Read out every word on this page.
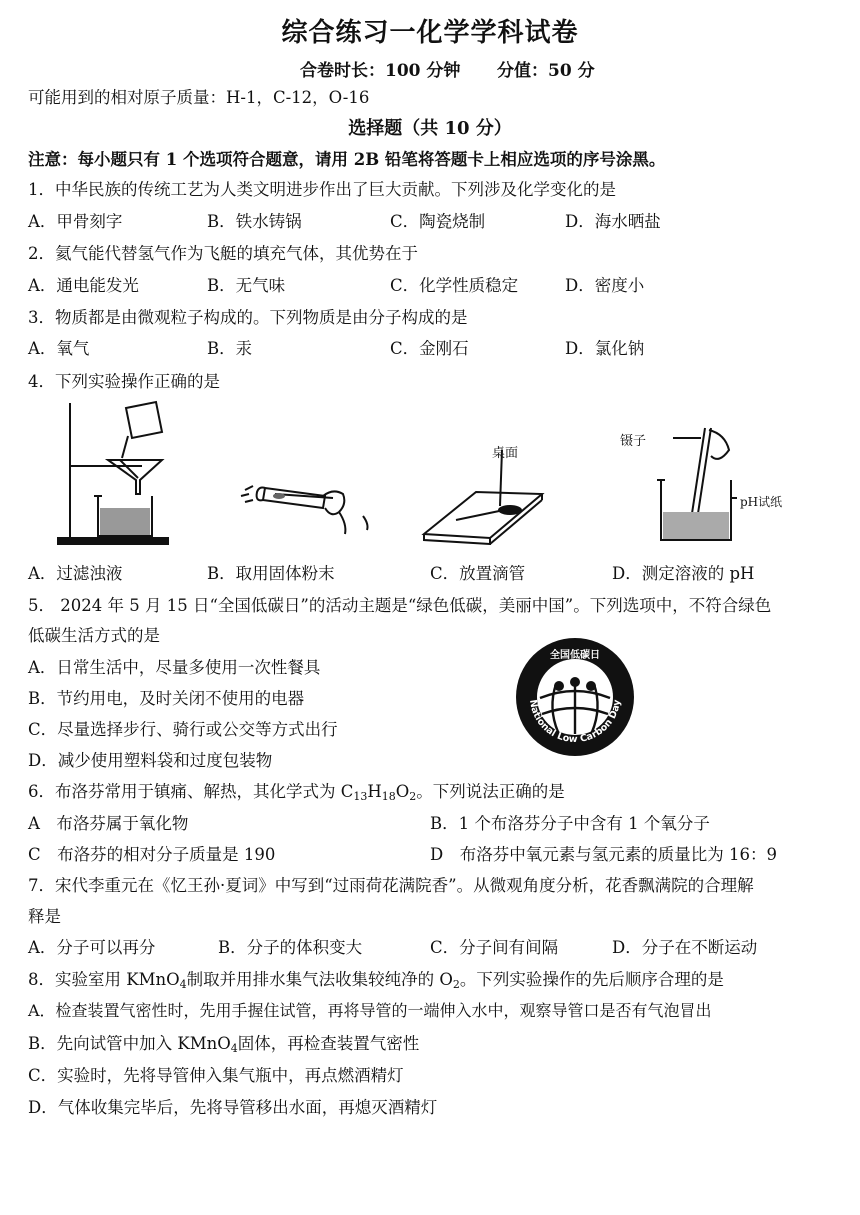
综合练习一化学学科试卷
合卷时长：100 分钟 分值：50 分
可能用到的相对原子质量：H-1，C-12，O-16
选择题（共 10 分）
注意：每小题只有 1 个选项符合题意，请用 2B 铅笔将答题卡上相应选项的序号涂黑。
1．中华民族的传统工艺为人类文明进步作出了巨大贡献。下列涉及化学变化的是
A．甲骨刻字	B．铁水铸锅	C．陶瓷烧制	D．海水晒盐
2．氦气能代替氢气作为飞艇的填充气体，其优势在于
A．通电能发光	B．无气味	C．化学性质稳定	D．密度小
3．物质都是由微观粒子构成的。下列物质是由分子构成的是
A．氧气	B．汞	C．金刚石	D．氯化钠
4．下列实验操作正确的是
桌面
镊子
pH试纸
A．过滤浊液	B．取用固体粉末	C．放置滴管	D．测定溶液的 pH
5． 2024 年 5 月 15 日“全国低碳日”的活动主题是“绿色低碳，美丽中国”。下列选项中，不符合绿色
低碳生活方式的是
A．日常生活中，尽量多使用一次性餐具
B．节约用电，及时关闭不使用的电器
C．尽量选择步行、骑行或公交等方式出行
D．减少使用塑料袋和过度包装物
全国低碳日
National Low Carbon Day
6．布洛芬常用于镇痛、解热，其化学式为 $C_{13}H_{18}O_2$。下列说法正确的是
A　布洛芬属于氧化物	B．1 个布洛芬分子中含有 1 个氧分子
C　布洛芬的相对分子质量是 190	D　布洛芬中氧元素与氢元素的质量比为 16：9
7．宋代李重元在《忆王孙·夏词》中写到“过雨荷花满院香”。从微观角度分析，花香飘满院的合理解
释是
A．分子可以再分	B．分子的体积变大	C．分子间有间隔	D．分子在不断运动
8．实验室用 KMnO$_4$制取并用排水集气法收集较纯净的 $O_2$。下列实验操作的先后顺序合理的是
A．检查装置气密性时，先用手握住试管，再将导管的一端伸入水中，观察导管口是否有气泡冒出
B．先向试管中加入 KMnO$_4$固体，再检查装置气密性
C．实验时，先将导管伸入集气瓶中，再点燃酒精灯
D．气体收集完毕后，先将导管移出水面，再熄灭酒精灯
